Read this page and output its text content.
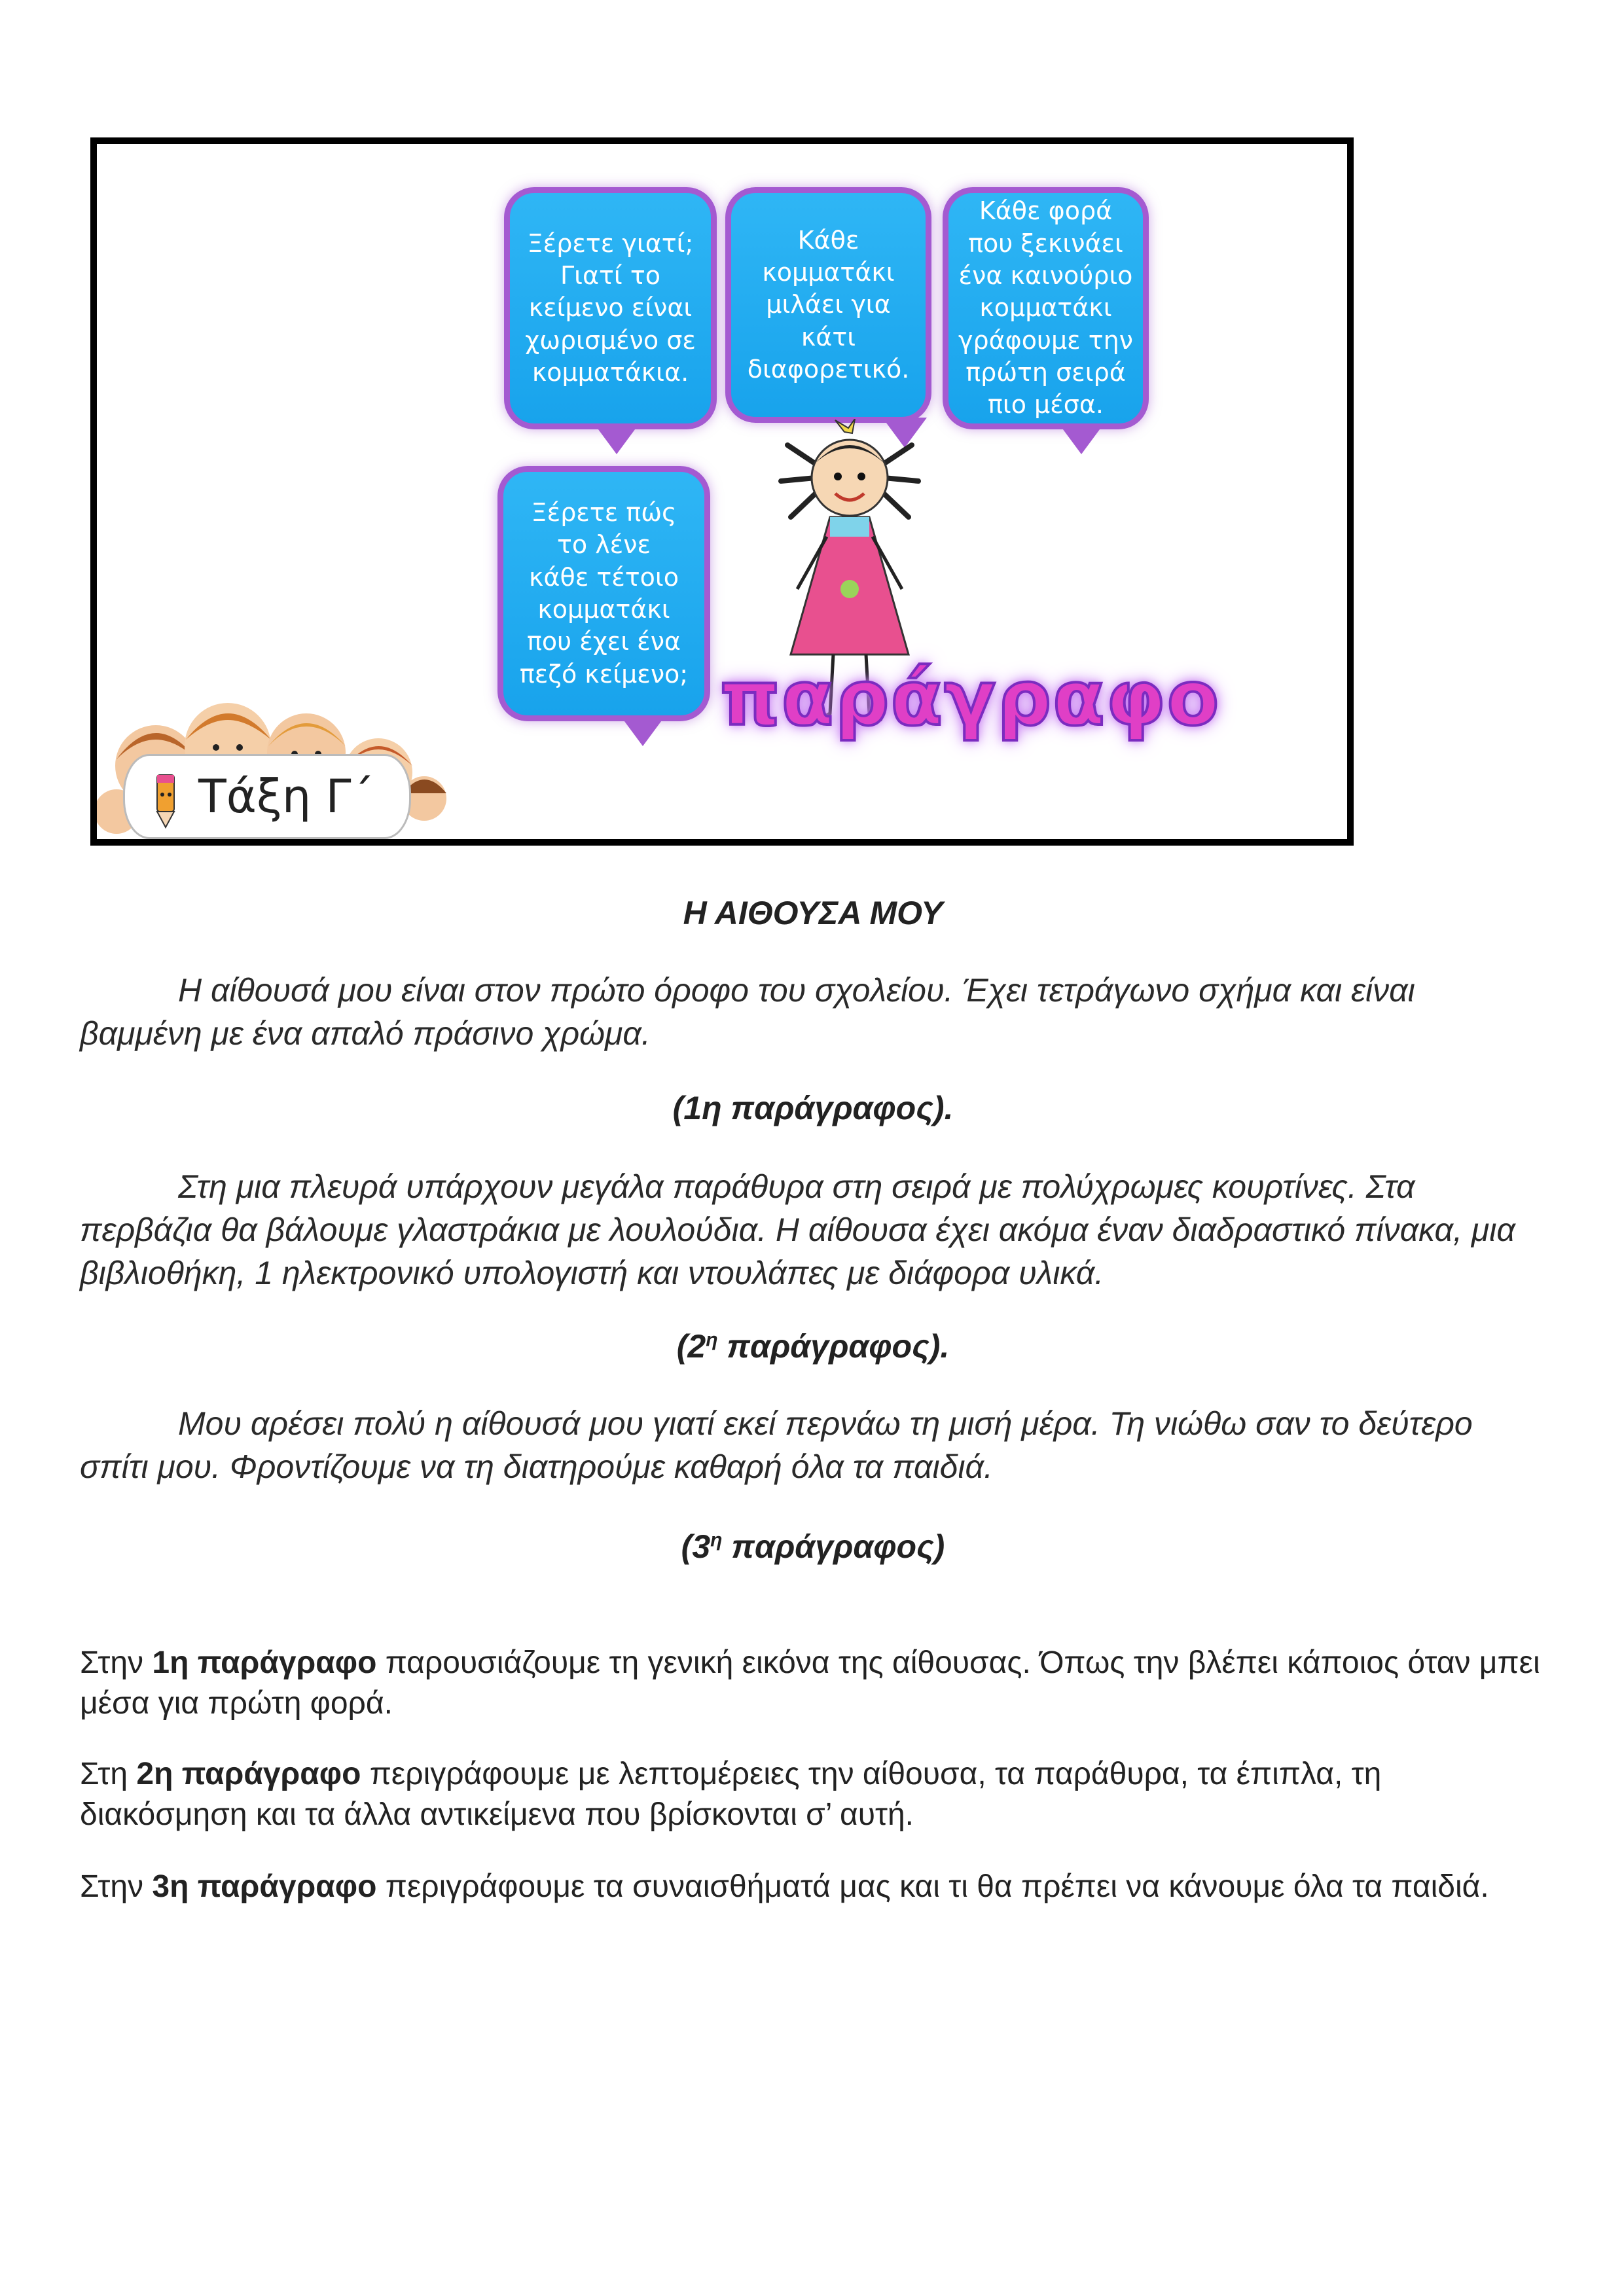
Ξέρετε γιατί;
Γιατί το
κείμενο είναι
χωρισμένο σε
κομματάκια.
Κάθε
κομματάκι
μιλάει για
κάτι
διαφορετικό.
Κάθε φορά
που ξεκινάει
ένα καινούριο
κομματάκι
γράφουμε την
πρώτη σειρά
πιο μέσα.
Ξέρετε πώς
το λένε
κάθε τέτοιο
κομματάκι
που έχει ένα
πεζό κείμενο; παράγραφο
Τάξη Γ΄

Η ΑΙΘΟΥΣΑ ΜΟΥ

Η αίθουσά μου είναι στον πρώτο όροφο του σχολείου. Έχει τετράγωνο σχήμα και είναι βαμμένη με ένα απαλό πράσινο χρώμα.

(1η παράγραφος).

Στη μια πλευρά υπάρχουν μεγάλα παράθυρα στη σειρά με πολύχρωμες κουρτίνες. Στα περβάζια θα βάλουμε γλαστράκια με λουλούδια. Η αίθουσα έχει ακόμα έναν διαδραστικό πίνακα, μια βιβλιοθήκη, 1 ηλεκτρονικό υπολογιστή και ντουλάπες με διάφορα υλικά.

($2^\eta$ παράγραφος).

Μου αρέσει πολύ η αίθουσά μου γιατί εκεί περνάω τη μισή μέρα. Τη νιώθω σαν το δεύτερο σπίτι μου. Φροντίζουμε να τη διατηρούμε καθαρή όλα τα παιδιά.

($3^\eta$ παράγραφος)

Στην 1η παράγραφο παρουσιάζουμε τη γενική εικόνα της αίθουσας. Όπως την βλέπει κάποιος όταν μπει μέσα για πρώτη φορά.

Στη 2η παράγραφο περιγράφουμε με λεπτομέρειες την αίθουσα, τα παράθυρα, τα έπιπλα, τη διακόσμηση και τα άλλα αντικείμενα που βρίσκονται σ’ αυτή.

Στην 3η παράγραφο περιγράφουμε τα συναισθήματά μας και τι θα πρέπει να κάνουμε όλα τα παιδιά.
